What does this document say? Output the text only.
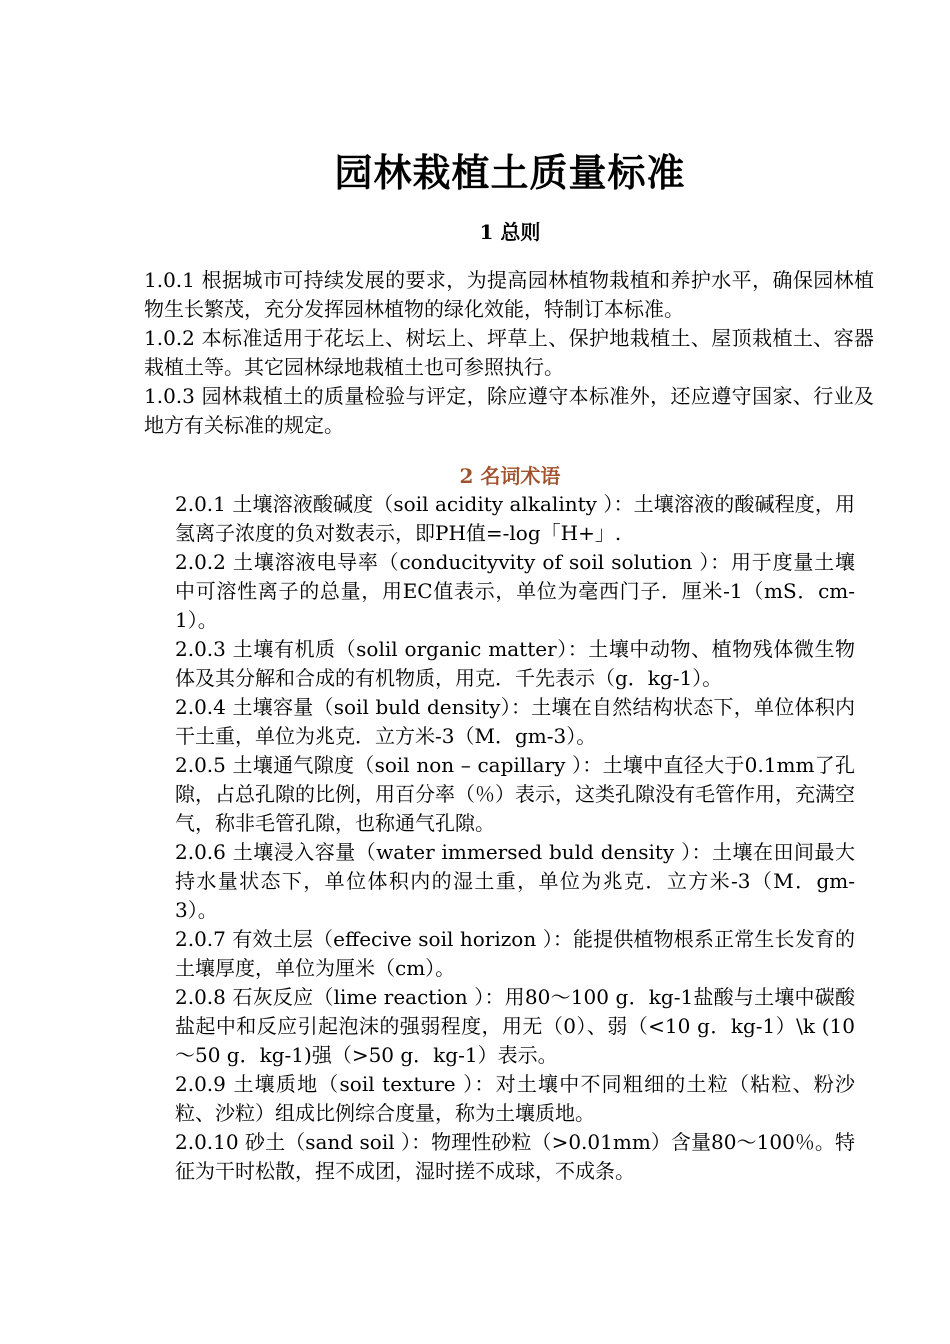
园林栽植土质量标准
1 总则

1.0.1 根据城市可持续发展的要求，为提高园林植物栽植和养护水平，确保园林植物生长繁茂，充分发挥园林植物的绿化效能，特制订本标准。

1.0.2 本标准适用于花坛上、树坛上、坪草上、保护地栽植土、屋顶栽植土、容器栽植土等。其它园林绿地栽植土也可参照执行。

1.0.3 园林栽植土的质量检验与评定，除应遵守本标准外，还应遵守国家、行业及地方有关标准的规定。

2 名词术语

2.0.1 土壤溶液酸碱度（soil acidity alkalinty ）：土壤溶液的酸碱程度，用氢离子浓度的负对数表示，即PH值=-log「H+」.

2.0.2 土壤溶液电导率（conducityvity of soil solution ）：用于度量土壤中可溶性离子的总量，用EC值表示，单位为毫西门子．厘米-1（mS．cm-1）。

2.0.3 土壤有机质（solil organic matter）：土壤中动物、植物残体微生物体及其分解和合成的有机物质，用克．千先表示（g．kg-1）。

2.0.4 土壤容量（soil buld density）：土壤在自然结构状态下，单位体积内干土重，单位为兆克．立方米-3（M．gm-3）。

2.0.5 土壤通气隙度（soil non – capillary ）：土壤中直径大于0.1mm了孔隙，占总孔隙的比例，用百分率（％）表示，这类孔隙没有毛管作用，充满空气，称非毛管孔隙，也称通气孔隙。

2.0.6 土壤浸入容量（water immersed buld density ）：土壤在田间最大持水量状态下，单位体积内的湿土重，单位为兆克．立方米-3（M．gm-3）。

2.0.7 有效土层（effecive soil horizon ）：能提供植物根系正常生长发育的土壤厚度，单位为厘米（cm）。

2.0.8 石灰反应（lime reaction ）：用80～100 g．kg-1盐酸与土壤中碳酸盐起中和反应引起泡沫的强弱程度，用无（0）、弱（<10 g．kg-1）\k (10～50 g．kg-1)强（>50 g．kg-1）表示。

2.0.9 土壤质地（soil texture ）：对土壤中不同粗细的土粒（粘粒、粉沙粒、沙粒）组成比例综合度量，称为土壤质地。

2.0.10 砂土（sand soil ）：物理性砂粒（>0.01mm）含量80～100％。特征为干时松散，捏不成团，湿时搓不成球，不成条。
